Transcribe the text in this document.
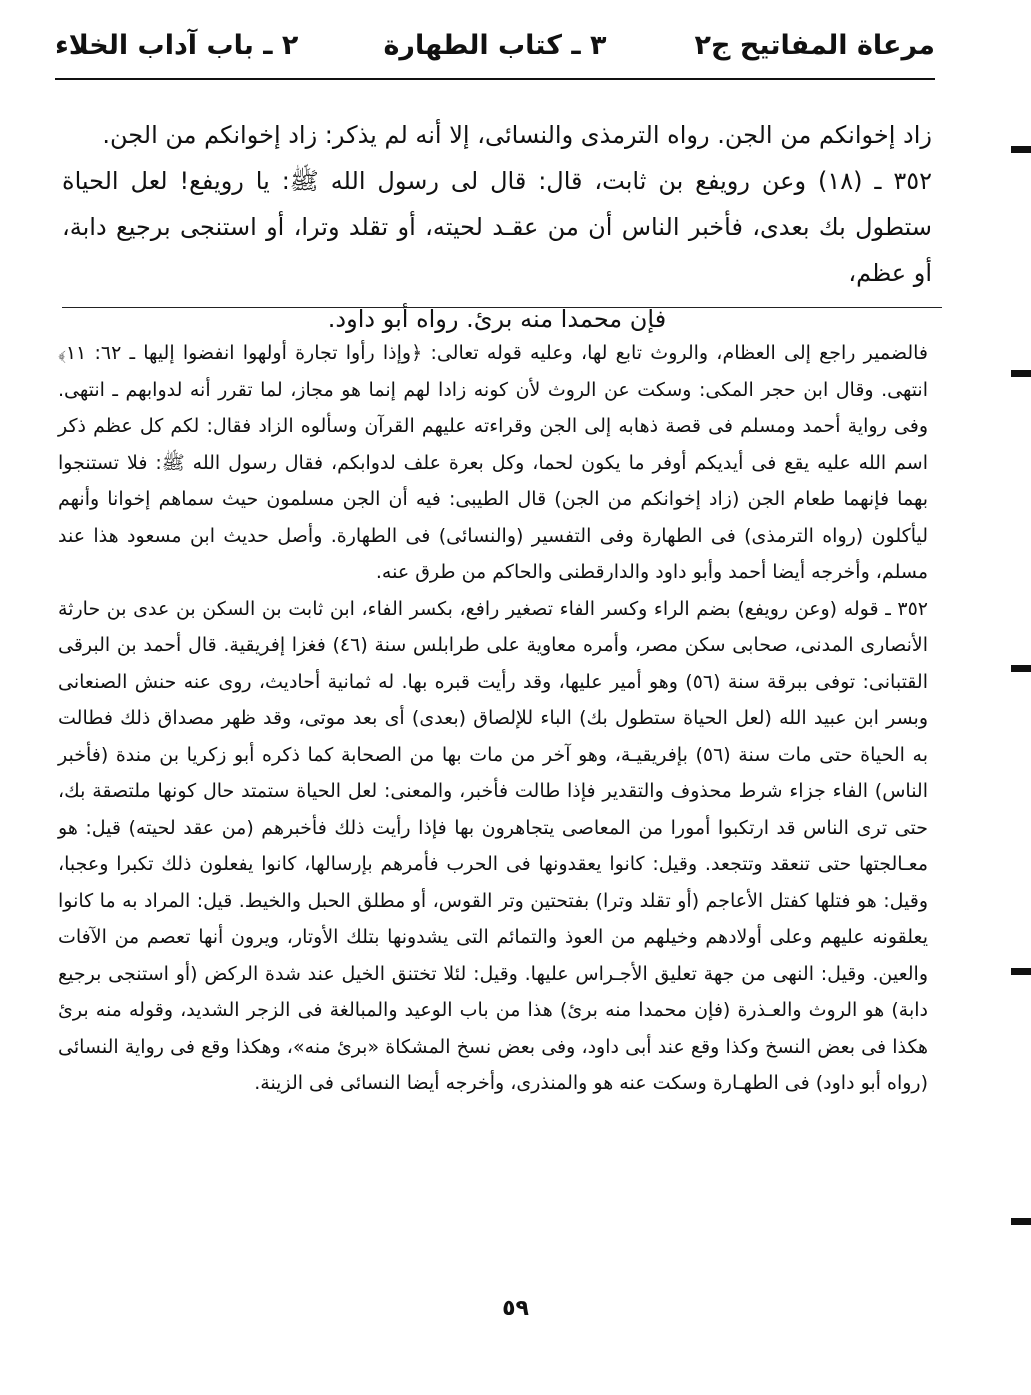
مرعاة المفاتيح ج٢
٣ ـ كتاب الطهارة
٢ ـ باب آداب الخلاء
زاد إخوانكم من الجن. رواه الترمذى والنسائى، إلا أنه لم يذكر: زاد إخوانكم من الجن.
٣٥٢ ـ (١٨) وعن رويفع بن ثابت، قال: قال لى رسول الله ﷺ: يا رويفع! لعل الحياة ستطول بك بعدى، فأخبر الناس أن من عقـد لحيته، أو تقلد وترا، أو استنجى برجيع دابة، أو عظم،
فإن محمدا منه برئ. رواه أبو داود.

فالضمير راجع إلى العظام، والروث تابع لها، وعليه قوله تعالى: ﴿وإذا رأوا تجارة أولهوا انفضوا إليها ـ ٦٢: ١١﴾ انتهى. وقال ابن حجر المكى: وسكت عن الروث لأن كونه زادا لهم إنما هو مجاز، لما تقرر أنه لدوابهم ـ انتهى. وفى رواية أحمد ومسلم فى قصة ذهابه إلى الجن وقراءته عليهم القرآن وسألوه الزاد فقال: لكم كل عظم ذكر اسم الله عليه يقع فى أيديكم أوفر ما يكون لحما، وكل بعرة علف لدوابكم، فقال رسول الله ﷺ: فلا تستنجوا بهما فإنهما طعام الجن (زاد إخوانكم من الجن) قال الطيبى: فيه أن الجن مسلمون حيث سماهم إخوانا وأنهم ليأكلون (رواه الترمذى) فى الطهارة وفى التفسير (والنسائى) فى الطهارة. وأصل حديث ابن مسعود هذا عند مسلم، وأخرجه أيضا أحمد وأبو داود والدارقطنى والحاكم من طرق عنه.

٣٥٢ ـ قوله (وعن رويفع) بضم الراء وكسر الفاء تصغير رافع، بكسر الفاء، ابن ثابت بن السكن بن عدى بن حارثة الأنصارى المدنى، صحابى سكن مصر، وأمره معاوية على طرابلس سنة (٤٦) فغزا إفريقية. قال أحمد بن البرقى القتبانى: توفى ببرقة سنة (٥٦) وهو أمير عليها، وقد رأيت قبره بها. له ثمانية أحاديث، روى عنه حنش الصنعانى وبسر ابن عبيد الله (لعل الحياة ستطول بك) الباء للإلصاق (بعدى) أى بعد موتى، وقد ظهر مصداق ذلك فطالت به الحياة حتى مات سنة (٥٦) بإفريقيـة، وهو آخر من مات بها من الصحابة كما ذكره أبو زكريا بن مندة (فأخبر الناس) الفاء جزاء شرط محذوف والتقدير فإذا طالت فأخبر، والمعنى: لعل الحياة ستمتد حال كونها ملتصقة بك، حتى ترى الناس قد ارتكبوا أمورا من المعاصى يتجاهرون بها فإذا رأيت ذلك فأخبرهم (من عقد لحيته) قيل: هو معـالجتها حتى تنعقد وتتجعد. وقيل: كانوا يعقدونها فى الحرب فأمرهم بإرسالها، كانوا يفعلون ذلك تكبرا وعجبا، وقيل: هو فتلها كفتل الأعاجم (أو تقلد وترا) بفتحتين وتر القوس، أو مطلق الحبل والخيط. قيل: المراد به ما كانوا يعلقونه عليهم وعلى أولادهم وخيلهم من العوذ والتمائم التى يشدونها بتلك الأوتار، ويرون أنها تعصم من الآفات والعين. وقيل: النهى من جهة تعليق الأجـراس عليها. وقيل: لئلا تختنق الخيل عند شدة الركض (أو استنجى برجيع دابة) هو الروث والعـذرة (فإن محمدا منه برئ) هذا من باب الوعيد والمبالغة فى الزجر الشديد، وقوله منه برئ هكذا فى بعض النسخ وكذا وقع عند أبى داود، وفى بعض نسخ المشكاة «برئ منه»، وهكذا وقع فى رواية النسائى (رواه أبو داود) فى الطهـارة وسكت عنه هو والمنذرى، وأخرجه أيضا النسائى فى الزينة.

٥٩
